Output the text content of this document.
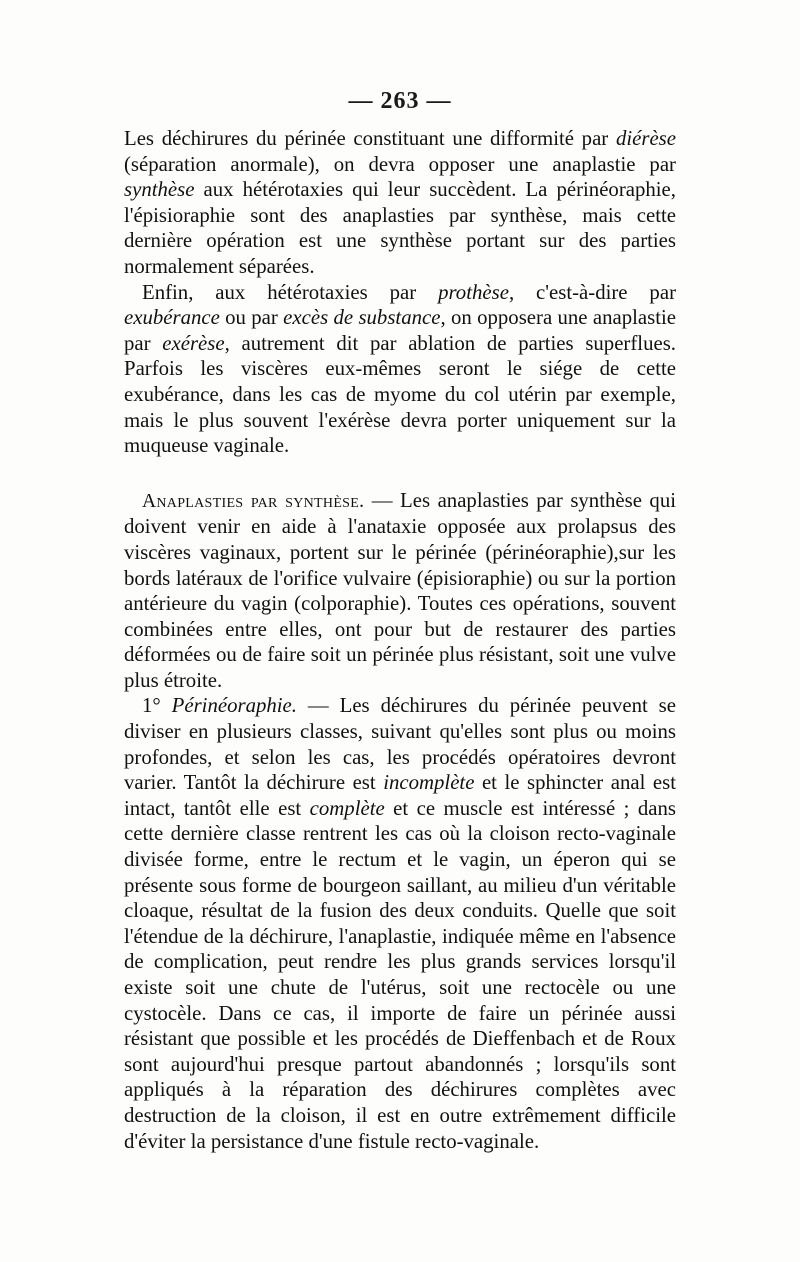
— 263 —

Les déchirures du périnée constituant une difformité par diérèse (séparation anormale), on devra opposer une anaplastie par synthèse aux hétérotaxies qui leur succèdent. La périnéoraphie, l'épisioraphie sont des anaplasties par synthèse, mais cette dernière opération est une synthèse portant sur des parties normalement séparées.

Enfin, aux hétérotaxies par prothèse, c'est-à-dire par exubérance ou par excès de substance, on opposera une anaplastie par exérèse, autrement dit par ablation de parties superflues. Parfois les viscères eux-mêmes seront le siége de cette exubérance, dans les cas de myome du col utérin par exemple, mais le plus souvent l'exérèse devra porter uniquement sur la muqueuse vaginale.

Anaplasties par synthèse. — Les anaplasties par synthèse qui doivent venir en aide à l'anataxie opposée aux prolapsus des viscères vaginaux, portent sur le périnée (périnéoraphie),sur les bords latéraux de l'orifice vulvaire (épisioraphie) ou sur la portion antérieure du vagin (colporaphie). Toutes ces opérations, souvent combinées entre elles, ont pour but de restaurer des parties déformées ou de faire soit un périnée plus résistant, soit une vulve plus étroite.

1° Périnéoraphie. — Les déchirures du périnée peuvent se diviser en plusieurs classes, suivant qu'elles sont plus ou moins profondes, et selon les cas, les procédés opératoires devront varier. Tantôt la déchirure est incomplète et le sphincter anal est intact, tantôt elle est complète et ce muscle est intéressé ; dans cette dernière classe rentrent les cas où la cloison recto-vaginale divisée forme, entre le rectum et le vagin, un éperon qui se présente sous forme de bourgeon saillant, au milieu d'un véritable cloaque, résultat de la fusion des deux conduits. Quelle que soit l'étendue de la déchirure, l'anaplastie, indiquée même en l'absence de complication, peut rendre les plus grands services lorsqu'il existe soit une chute de l'utérus, soit une rectocèle ou une cystocèle. Dans ce cas, il importe de faire un périnée aussi résistant que possible et les procédés de Dieffenbach et de Roux sont aujourd'hui presque partout abandonnés ; lorsqu'ils sont appliqués à la réparation des déchirures complètes avec destruction de la cloison, il est en outre extrêmement difficile d'éviter la persistance d'une fistule recto-vaginale.
